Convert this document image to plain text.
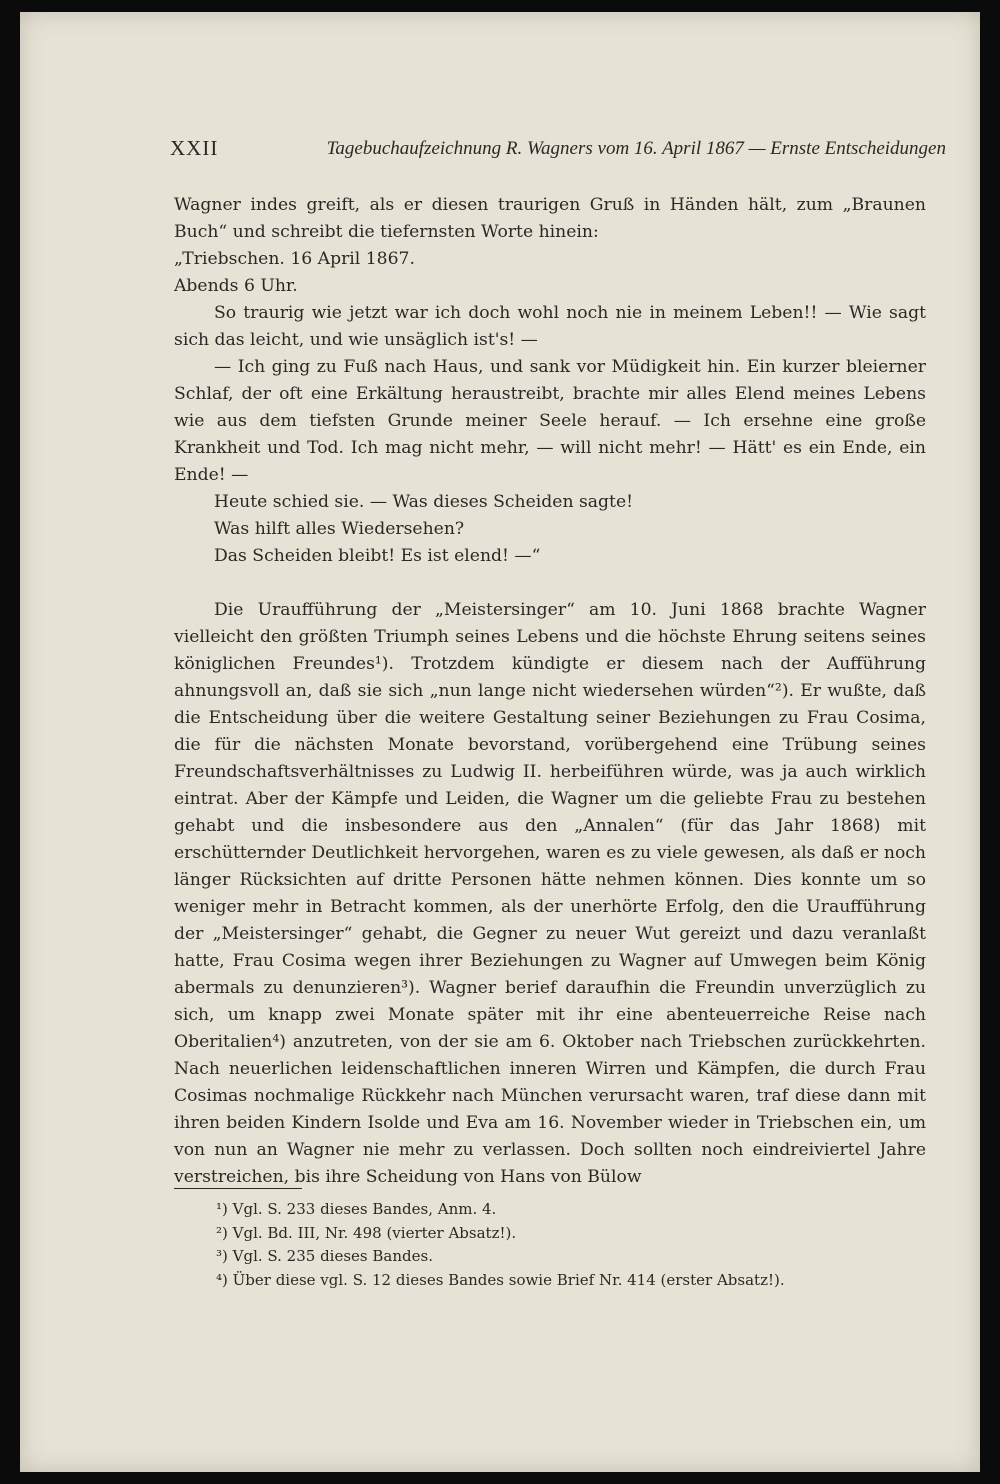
XXII	Tagebuchaufzeichnung R. Wagners vom 16. April 1867 — Ernste Entscheidungen

Wagner indes greift, als er diesen traurigen Gruß in Händen hält, zum „Braunen Buch“ und schreibt die tiefernsten Worte hinein:

„Triebschen. 16 April 1867.

Abends 6 Uhr.

So traurig wie jetzt war ich doch wohl noch nie in meinem Leben!! — Wie sagt sich das leicht, und wie unsäglich ist's! —

— Ich ging zu Fuß nach Haus, und sank vor Müdigkeit hin. Ein kurzer bleierner Schlaf, der oft eine Erkältung heraustreibt, brachte mir alles Elend meines Lebens wie aus dem tiefsten Grunde meiner Seele herauf. — Ich ersehne eine große Krankheit und Tod. Ich mag nicht mehr, — will nicht mehr! — Hätt' es ein Ende, ein Ende! —

Heute schied sie. — Was dieses Scheiden sagte!

Was hilft alles Wiedersehen?

Das Scheiden bleibt! Es ist elend! —“

Die Uraufführung der „Meistersinger“ am 10. Juni 1868 brachte Wagner vielleicht den größten Triumph seines Lebens und die höchste Ehrung seitens seines königlichen Freundes¹). Trotzdem kündigte er diesem nach der Aufführung ahnungsvoll an, daß sie sich „nun lange nicht wiedersehen würden“²). Er wußte, daß die Entscheidung über die weitere Gestaltung seiner Beziehungen zu Frau Cosima, die für die nächsten Monate bevorstand, vorübergehend eine Trübung seines Freundschaftsverhältnisses zu Ludwig II. herbeiführen würde, was ja auch wirklich eintrat. Aber der Kämpfe und Leiden, die Wagner um die geliebte Frau zu bestehen gehabt und die insbesondere aus den „Annalen“ (für das Jahr 1868) mit erschütternder Deutlichkeit hervorgehen, waren es zu viele gewesen, als daß er noch länger Rücksichten auf dritte Personen hätte nehmen können. Dies konnte um so weniger mehr in Betracht kommen, als der unerhörte Erfolg, den die Uraufführung der „Meistersinger“ gehabt, die Gegner zu neuer Wut gereizt und dazu veranlaßt hatte, Frau Cosima wegen ihrer Beziehungen zu Wagner auf Umwegen beim König abermals zu denunzieren³). Wagner berief daraufhin die Freundin unverzüglich zu sich, um knapp zwei Monate später mit ihr eine abenteuerreiche Reise nach Oberitalien⁴) anzutreten, von der sie am 6. Oktober nach Triebschen zurückkehrten. Nach neuerlichen leidenschaftlichen inneren Wirren und Kämpfen, die durch Frau Cosimas nochmalige Rückkehr nach München verursacht waren, traf diese dann mit ihren beiden Kindern Isolde und Eva am 16. November wieder in Triebschen ein, um von nun an Wagner nie mehr zu verlassen. Doch sollten noch eindreiviertel Jahre verstreichen, bis ihre Scheidung von Hans von Bülow

¹) Vgl. S. 233 dieses Bandes, Anm. 4.

²) Vgl. Bd. III, Nr. 498 (vierter Absatz!).

³) Vgl. S. 235 dieses Bandes.

⁴) Über diese vgl. S. 12 dieses Bandes sowie Brief Nr. 414 (erster Absatz!).
